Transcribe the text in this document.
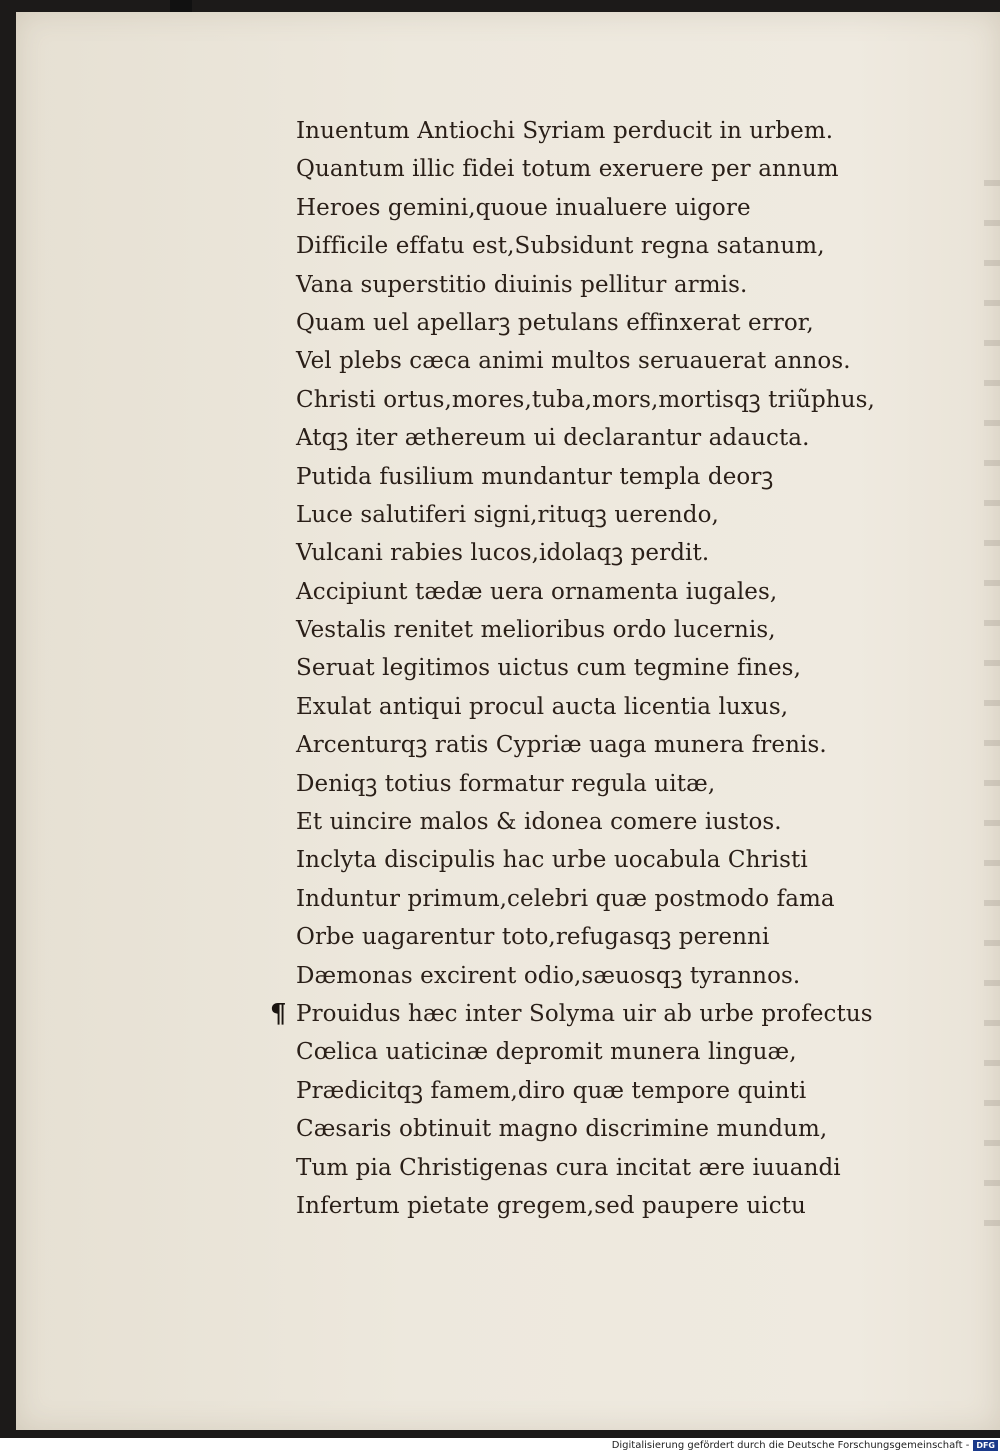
Inuentum Antiochi Syriam perducit in urbem.
Quantum illic fidei totum exeruere per annum
Heroes gemini,quoue inualuere uigore
Difficile effatu est,Subsidunt regna satanum,
Vana superstitio diuinis pellitur armis.
Quam uel apellarꝫ petulans effinxerat error,
Vel plebs cæca animi multos seruauerat annos.
Christi ortus,mores,tuba,mors,mortisqꝫ triũphus,
Atqꝫ iter æthereum ui declarantur adaucta.
Putida fusilium mundantur templa deorꝫ
Luce salutiferi signi,rituqꝫ uerendo,
Vulcani rabies lucos,idolaqꝫ perdit.
Accipiunt tædæ uera ornamenta iugales,
Vestalis renitet melioribus ordo lucernis,
Seruat legitimos uictus cum tegmine fines,
Exulat antiqui procul aucta licentia luxus,
Arcenturqꝫ ratis Cypriæ uaga munera frenis.
Deniqꝫ totius formatur regula uitæ,
Et uincire malos & idonea comere iustos.
Inclyta discipulis hac urbe uocabula Christi
Induntur primum,celebri quæ postmodo fama
Orbe uagarentur toto,refugasqꝫ perenni
Dæmonas excirent odio,sæuosqꝫ tyrannos.
¶ Prouidus hæc inter Solyma uir ab urbe profectus
Cœlica uaticinæ depromit munera linguæ,
Prædicitqꝫ famem,diro quæ tempore quinti
Cæsaris obtinuit magno discrimine mundum,
Tum pia Christigenas cura incitat ære iuuandi
Infertum pietate gregem,sed paupere uictu
Digitalisierung gefördert durch die Deutsche Forschungsgemeinschaft - DFG
